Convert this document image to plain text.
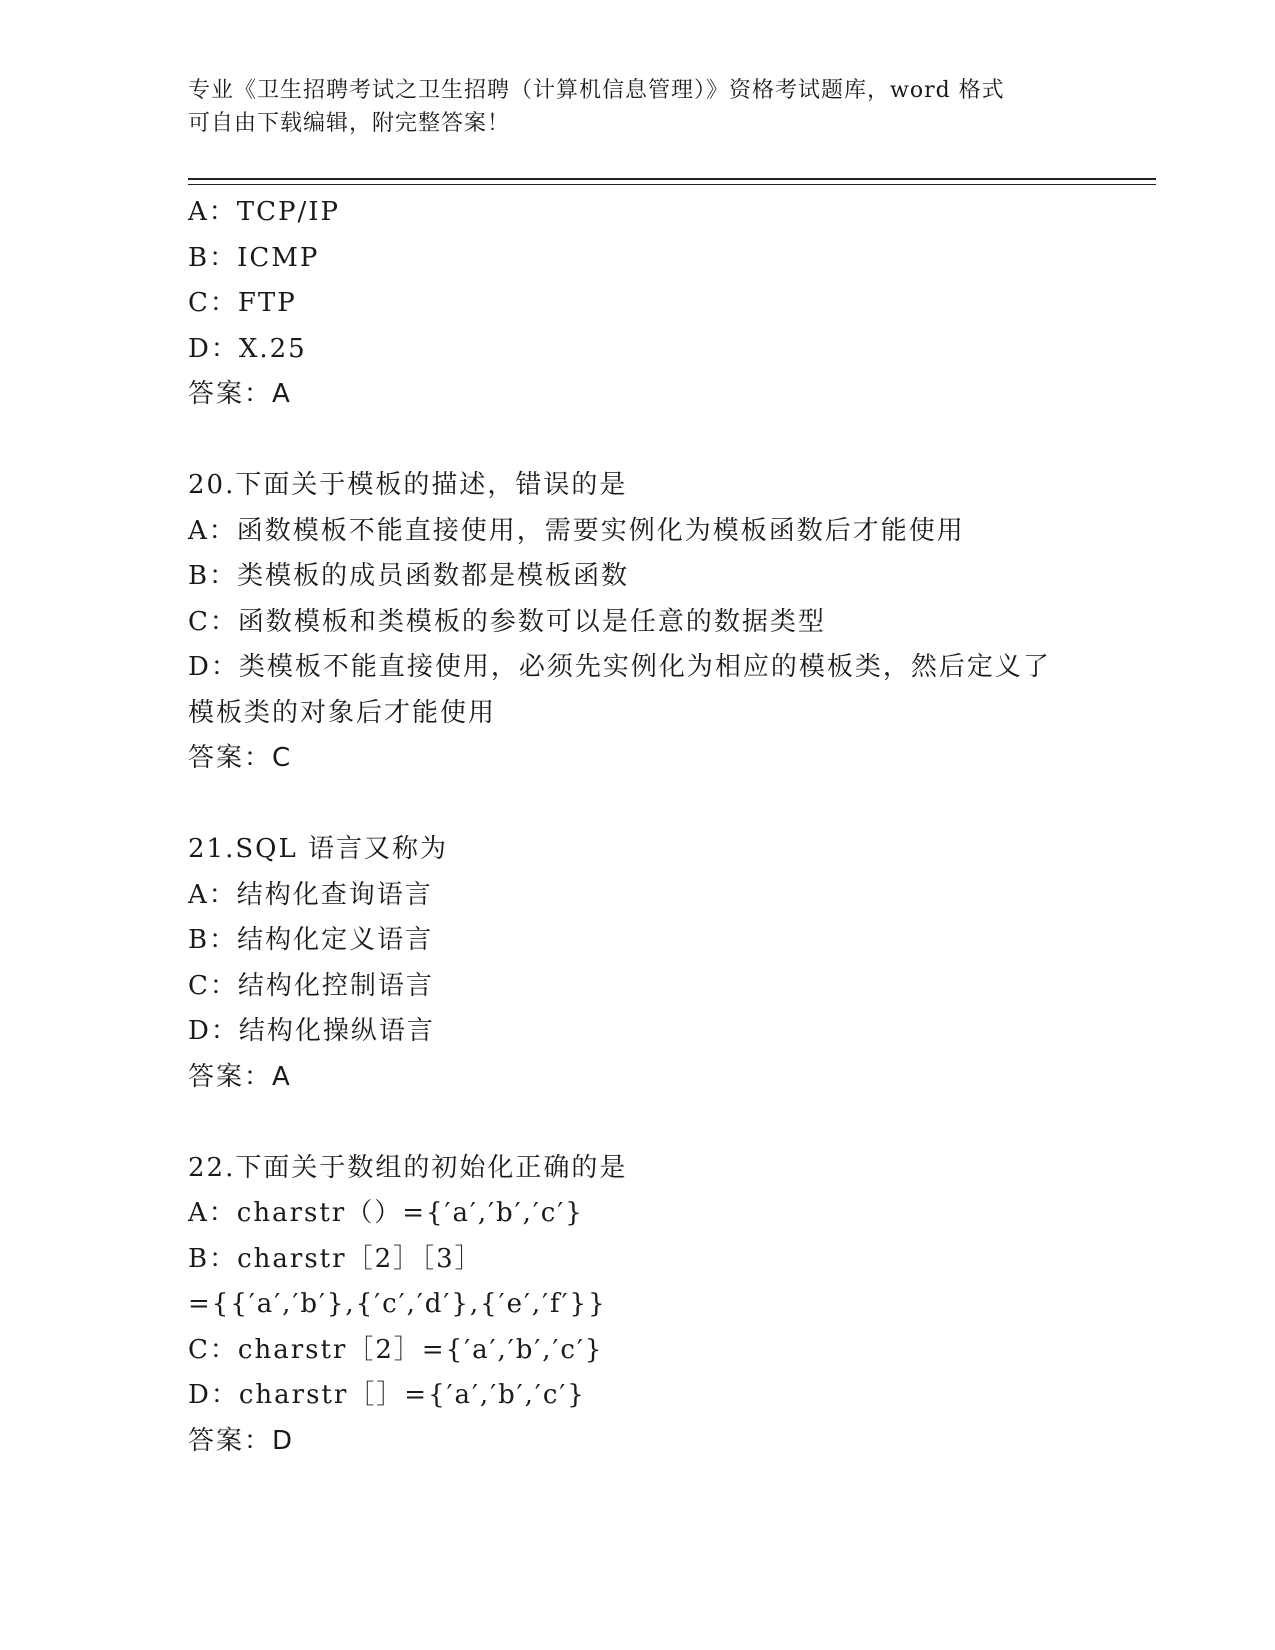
专业《卫生招聘考试之卫生招聘（计算机信息管理）》资格考试题库，word 格式
可自由下载编辑，附完整答案！
A：TCP/IP
B：ICMP
C：FTP
D：X.25
答案：A
20.下面关于模板的描述，错误的是
A：函数模板不能直接使用，需要实例化为模板函数后才能使用
B：类模板的成员函数都是模板函数
C：函数模板和类模板的参数可以是任意的数据类型
D：类模板不能直接使用，必须先实例化为相应的模板类，然后定义了
模板类的对象后才能使用
答案：C
21.SQL 语言又称为
A：结构化查询语言
B：结构化定义语言
C：结构化控制语言
D：结构化操纵语言
答案：A
22.下面关于数组的初始化正确的是
A：charstr（）={′a′,′b′,′c′}
B：charstr［2］［3］
={{′a′,′b′},{′c′,′d′},{′e′,′f′}}
C：charstr［2］={′a′,′b′,′c′}
D：charstr［］={′a′,′b′,′c′}
答案：D
